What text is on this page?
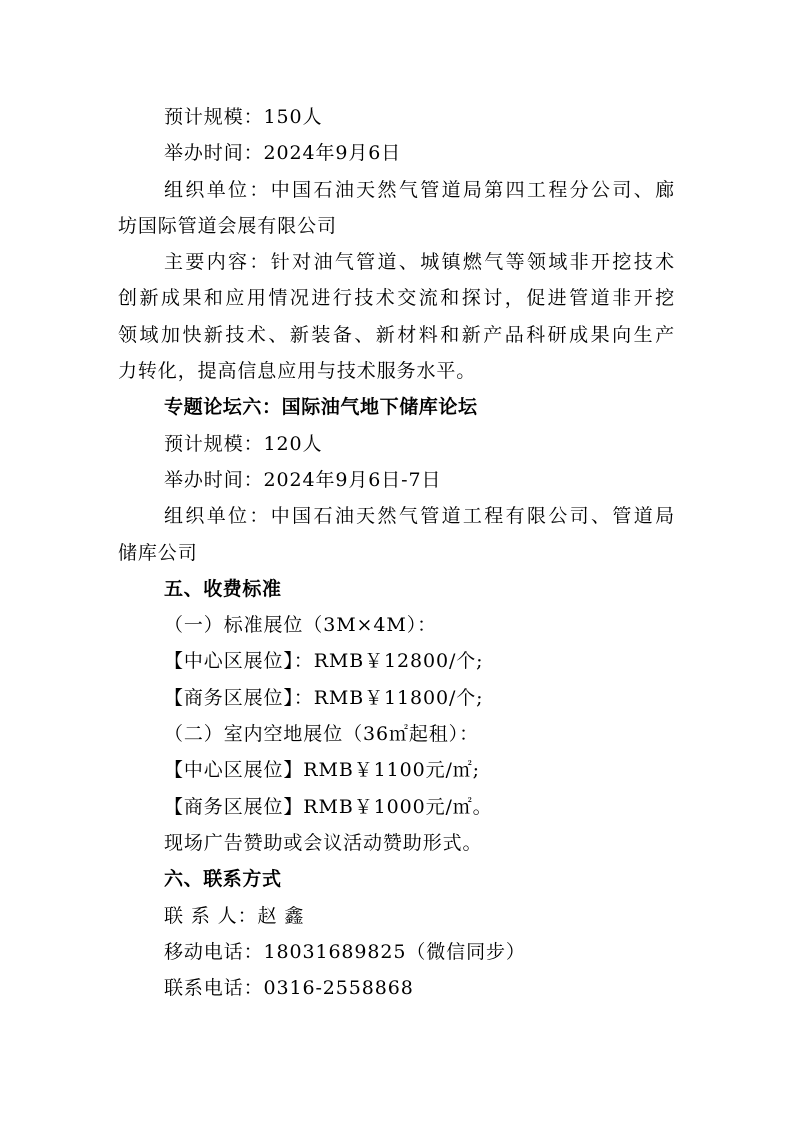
预计规模：150人
举办时间：2024年9月6日
组织单位：中国石油天然气管道局第四工程分公司、廊
坊国际管道会展有限公司
主要内容：针对油气管道、城镇燃气等领域非开挖技术
创新成果和应用情况进行技术交流和探讨，促进管道非开挖
领域加快新技术、新装备、新材料和新产品科研成果向生产
力转化，提高信息应用与技术服务水平。
专题论坛六：国际油气地下储库论坛
预计规模：120人
举办时间：2024年9月6日-7日
组织单位：中国石油天然气管道工程有限公司、管道局
储库公司
五、收费标准
（一）标准展位（3M×4M）：
【中心区展位】：RMB￥12800/个;
【商务区展位】：RMB￥11800/个;
（二）室内空地展位（36㎡起租）：
【中心区展位】RMB￥1100元/㎡;
【商务区展位】RMB￥1000元/㎡。
现场广告赞助或会议活动赞助形式。
六、联系方式
联 系 人：赵 鑫
移动电话：18031689825（微信同步）
联系电话：0316-2558868
